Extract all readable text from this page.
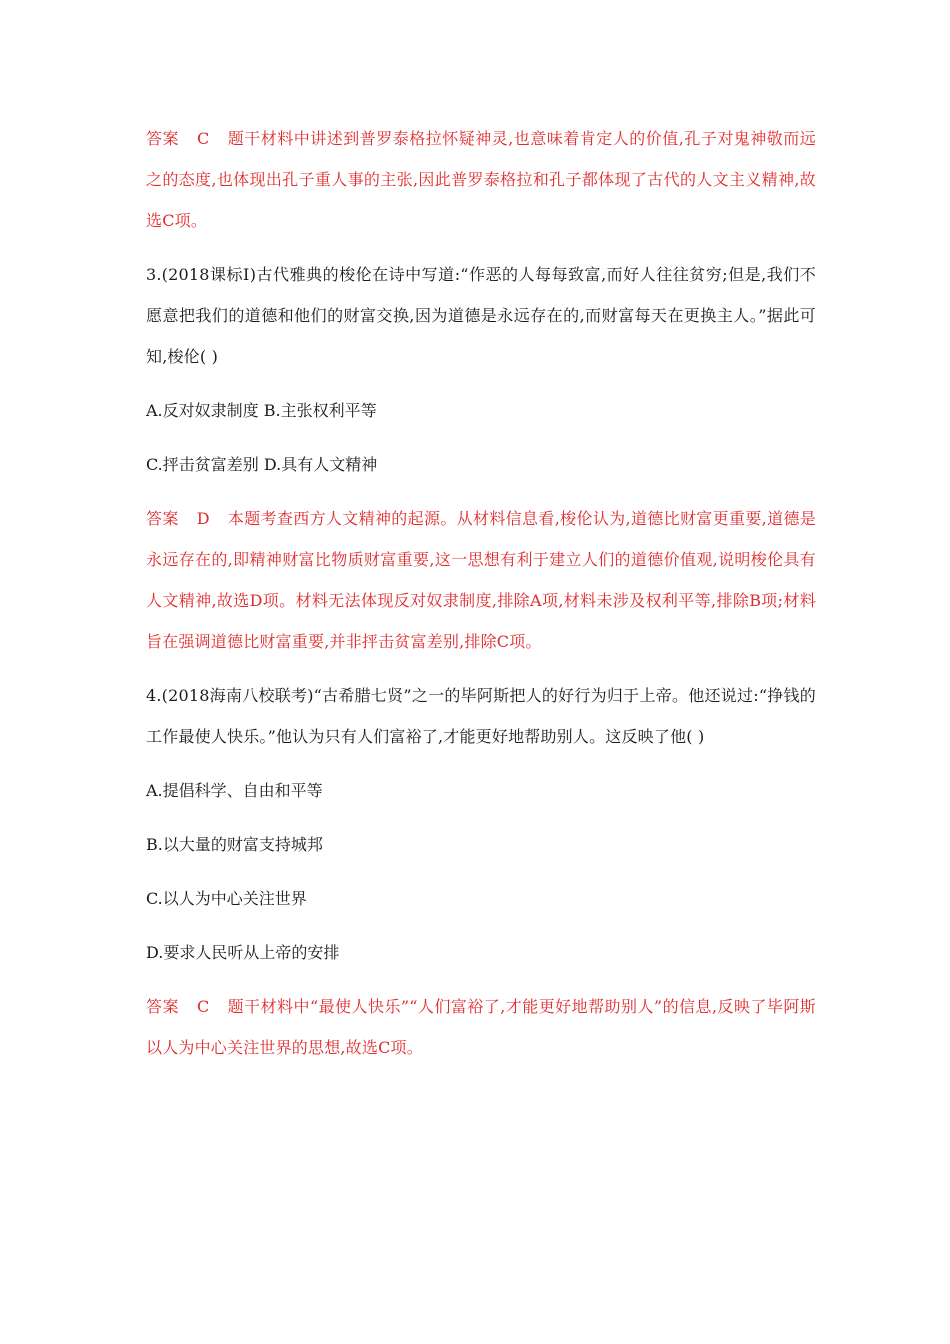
答案 C 题干材料中讲述到普罗泰格拉怀疑神灵,也意味着肯定人的价值,孔子对鬼神敬而远之的态度,也体现出孔子重人事的主张,因此普罗泰格拉和孔子都体现了古代的人文主义精神,故选C项。

3.(2018课标Ⅰ)古代雅典的梭伦在诗中写道:“作恶的人每每致富,而好人往往贫穷;但是,我们不愿意把我们的道德和他们的财富交换,因为道德是永远存在的,而财富每天在更换主人。”据此可知,梭伦( )

A.反对奴隶制度 B.主张权利平等

C.抨击贫富差别 D.具有人文精神

答案 D 本题考查西方人文精神的起源。从材料信息看,梭伦认为,道德比财富更重要,道德是永远存在的,即精神财富比物质财富重要,这一思想有利于建立人们的道德价值观,说明梭伦具有人文精神,故选D项。材料无法体现反对奴隶制度,排除A项,材料未涉及权利平等,排除B项;材料旨在强调道德比财富重要,并非抨击贫富差别,排除C项。

4.(2018海南八校联考)“古希腊七贤”之一的毕阿斯把人的好行为归于上帝。他还说过:“挣钱的工作最使人快乐。”他认为只有人们富裕了,才能更好地帮助别人。这反映了他( )

A.提倡科学、自由和平等

B.以大量的财富支持城邦

C.以人为中心关注世界

D.要求人民听从上帝的安排

答案 C 题干材料中“最使人快乐”“人们富裕了,才能更好地帮助别人”的信息,反映了毕阿斯以人为中心关注世界的思想,故选C项。
